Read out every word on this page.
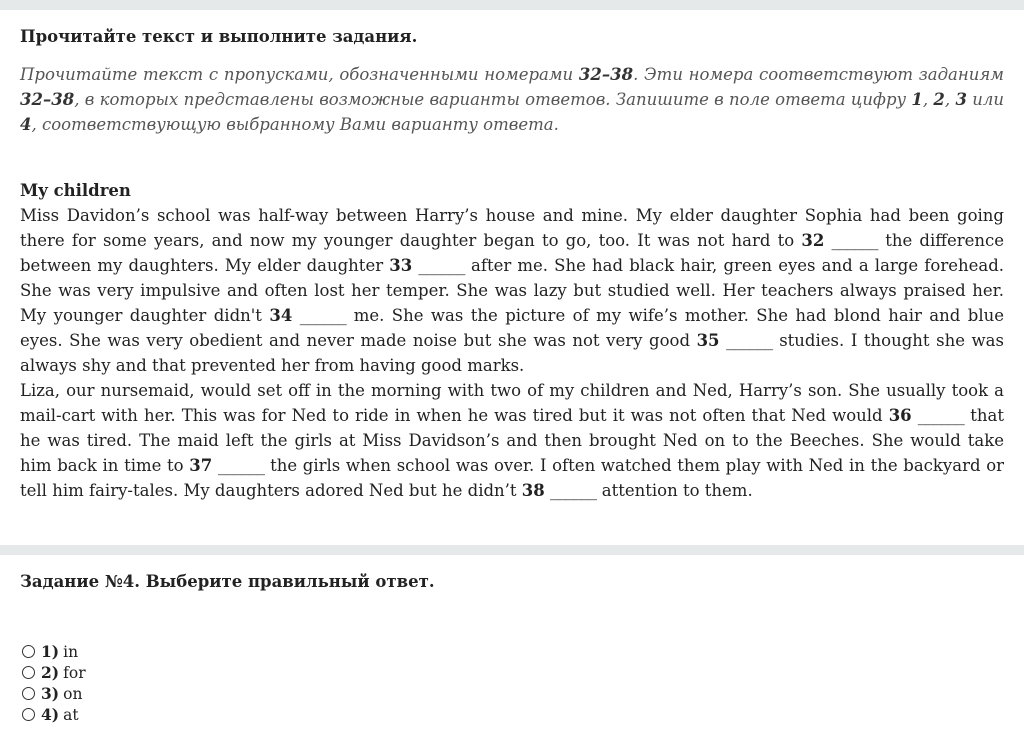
Прочитайте текст и выполните задания.
Прочитайте текст с пропусками, обозначенными номерами 32–38. Эти номера соответствуют заданиям 32–38, в которых представлены возможные варианты ответов. Запишите в поле ответа цифру 1, 2, 3 или 4, соответствующую выбранному Вами варианту ответа.
My children

Miss Davidon’s school was half-way between Harry’s house and mine. My elder daughter Sophia had been going there for some years, and now my younger daughter began to go, too. It was not hard to 32 ______ the difference between my daughters. My elder daughter 33 ______ after me. She had black hair, green eyes and a large forehead. She was very impulsive and often lost her temper. She was lazy but studied well. Her teachers always praised her. My younger daughter didn't 34 ______ me. She was the picture of my wife’s mother. She had blond hair and blue eyes. She was very obedient and never made noise but she was not very good 35 ______ studies. I thought she was always shy and that prevented her from having good marks.

Liza, our nursemaid, would set off in the morning with two of my children and Ned, Harry’s son. She usually took a mail-cart with her. This was for Ned to ride in when he was tired but it was not often that Ned would 36 ______ that he was tired. The maid left the girls at Miss Davidson’s and then brought Ned on to the Beeches. She would take him back in time to 37 ______ the girls when school was over. I often watched them play with Ned in the backyard or tell him fairy-tales. My daughters adored Ned but he didn’t 38 ______ attention to them.

Задание №4. Выберите правильный ответ.
1) in
2) for
3) on
4) at
